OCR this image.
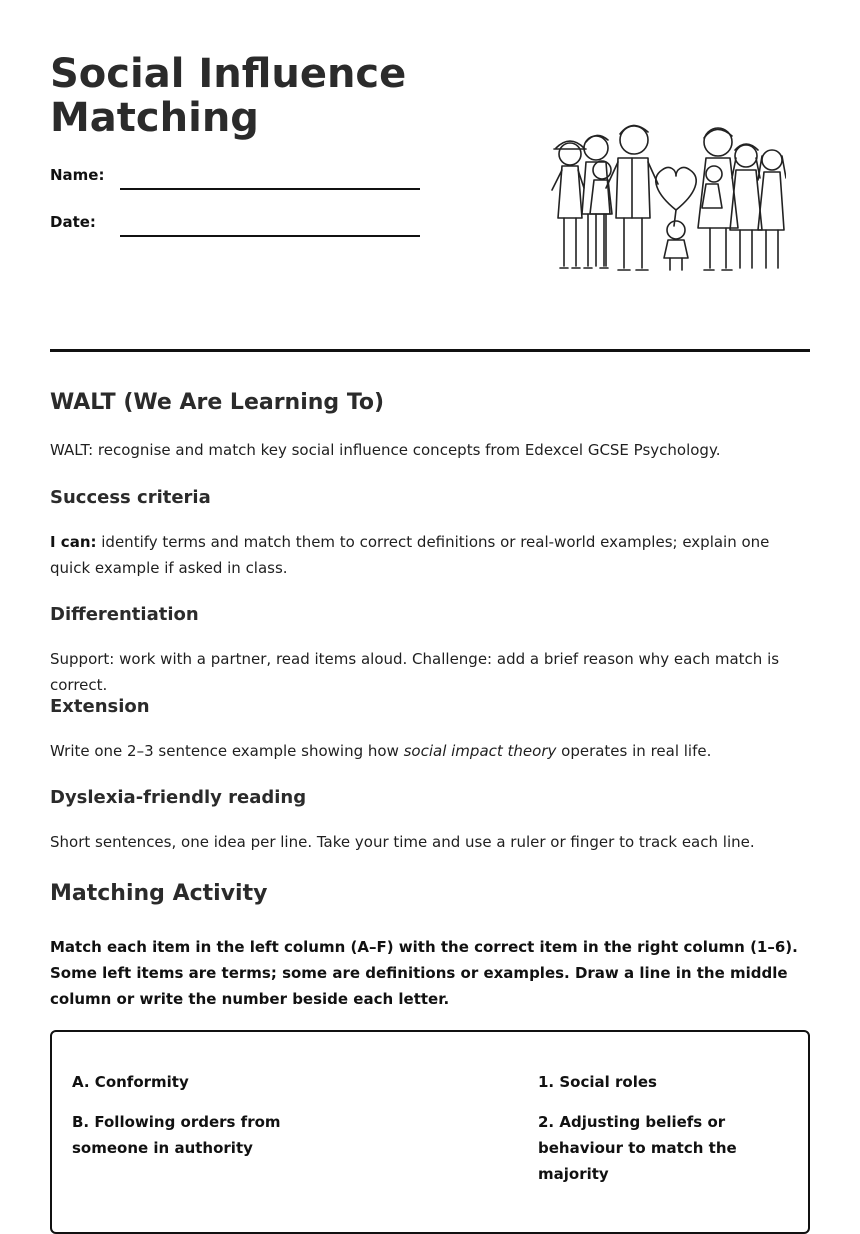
Social Influence
Matching
Name:
Date:
WALT (We Are Learning To)

WALT: recognise and match key social influence concepts from Edexcel GCSE Psychology.

Success criteria

I can: identify terms and match them to correct definitions or real-world examples; explain one quick example if asked in class.

Differentiation

Support: work with a partner, read items aloud. Challenge: add a brief reason why each match is correct.

Extension

Write one 2–3 sentence example showing how social impact theory operates in real life.

Dyslexia-friendly reading

Short sentences, one idea per line. Take your time and use a ruler or finger to track each line.

Matching Activity

Match each item in the left column (A–F) with the correct item in the right column (1–6). Some left items are terms; some are definitions or examples. Draw a line in the middle column or write the number beside each letter.

A. Conformity	1. Social roles
B. Following orders from someone in authority
2. Adjusting beliefs or behaviour to match the majority
